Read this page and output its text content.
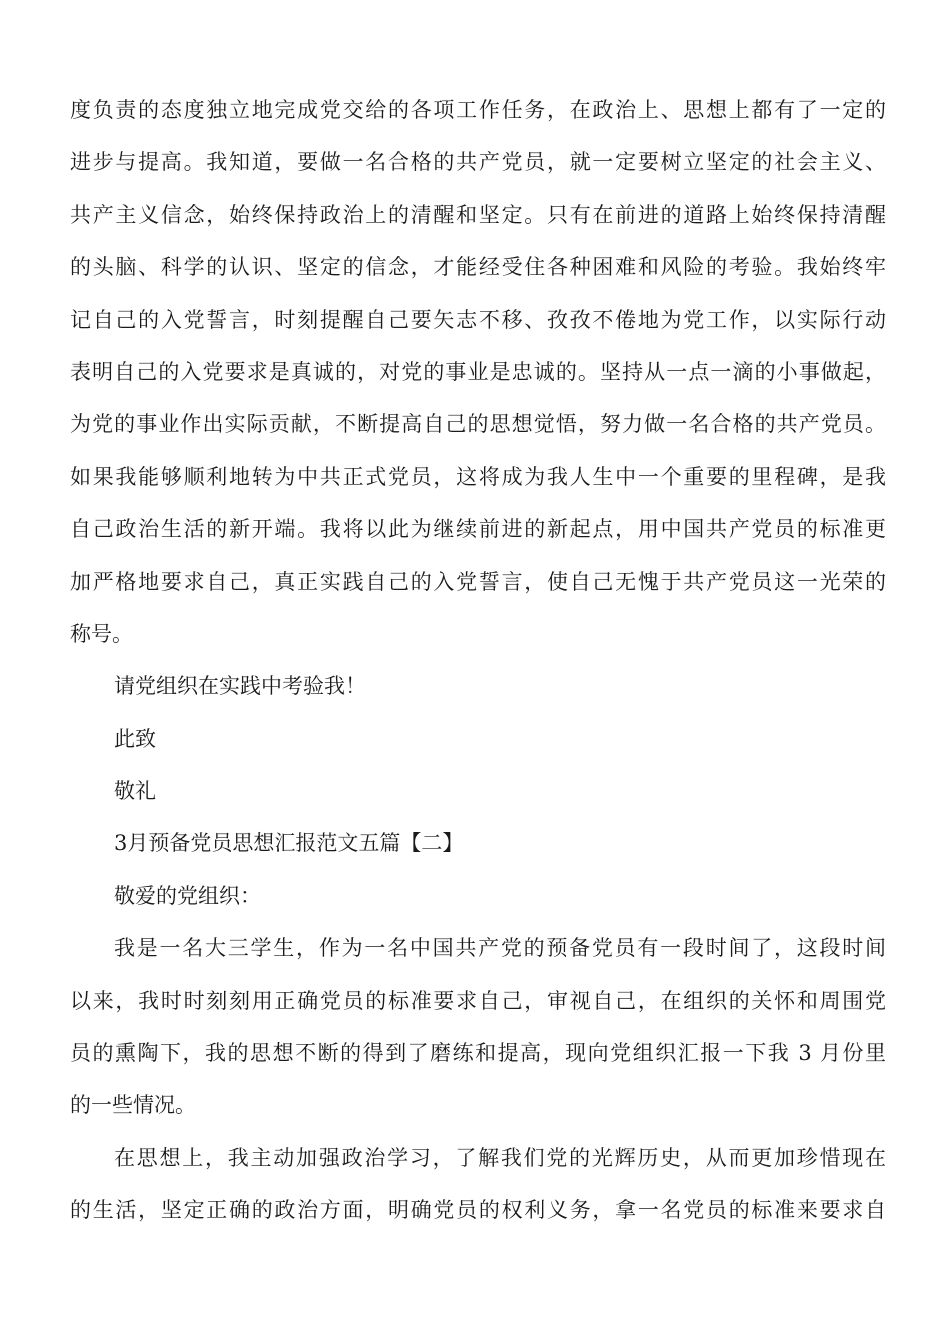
度负责的态度独立地完成党交给的各项工作任务，在政治上、思想上都有了一定的
进步与提高。我知道，要做一名合格的共产党员，就一定要树立坚定的社会主义、
共产主义信念，始终保持政治上的清醒和坚定。只有在前进的道路上始终保持清醒
的头脑、科学的认识、坚定的信念，才能经受住各种困难和风险的考验。我始终牢
记自己的入党誓言，时刻提醒自己要矢志不移、孜孜不倦地为党工作，以实际行动
表明自己的入党要求是真诚的，对党的事业是忠诚的。坚持从一点一滴的小事做起，
为党的事业作出实际贡献，不断提高自己的思想觉悟，努力做一名合格的共产党员。
如果我能够顺利地转为中共正式党员，这将成为我人生中一个重要的里程碑，是我
自己政治生活的新开端。我将以此为继续前进的新起点，用中国共产党员的标准更
加严格地要求自己，真正实践自己的入党誓言，使自己无愧于共产党员这一光荣的
称号。
请党组织在实践中考验我！
此致
敬礼
3月预备党员思想汇报范文五篇【二】
敬爱的党组织：
我是一名大三学生，作为一名中国共产党的预备党员有一段时间了，这段时间
以来，我时时刻刻用正确党员的标准要求自己，审视自己，在组织的关怀和周围党
员的熏陶下，我的思想不断的得到了磨练和提高，现向党组织汇报一下我 3 月份里
的一些情况。
在思想上，我主动加强政治学习，了解我们党的光辉历史，从而更加珍惜现在
的生活，坚定正确的政治方面，明确党员的权利义务，拿一名党员的标准来要求自
